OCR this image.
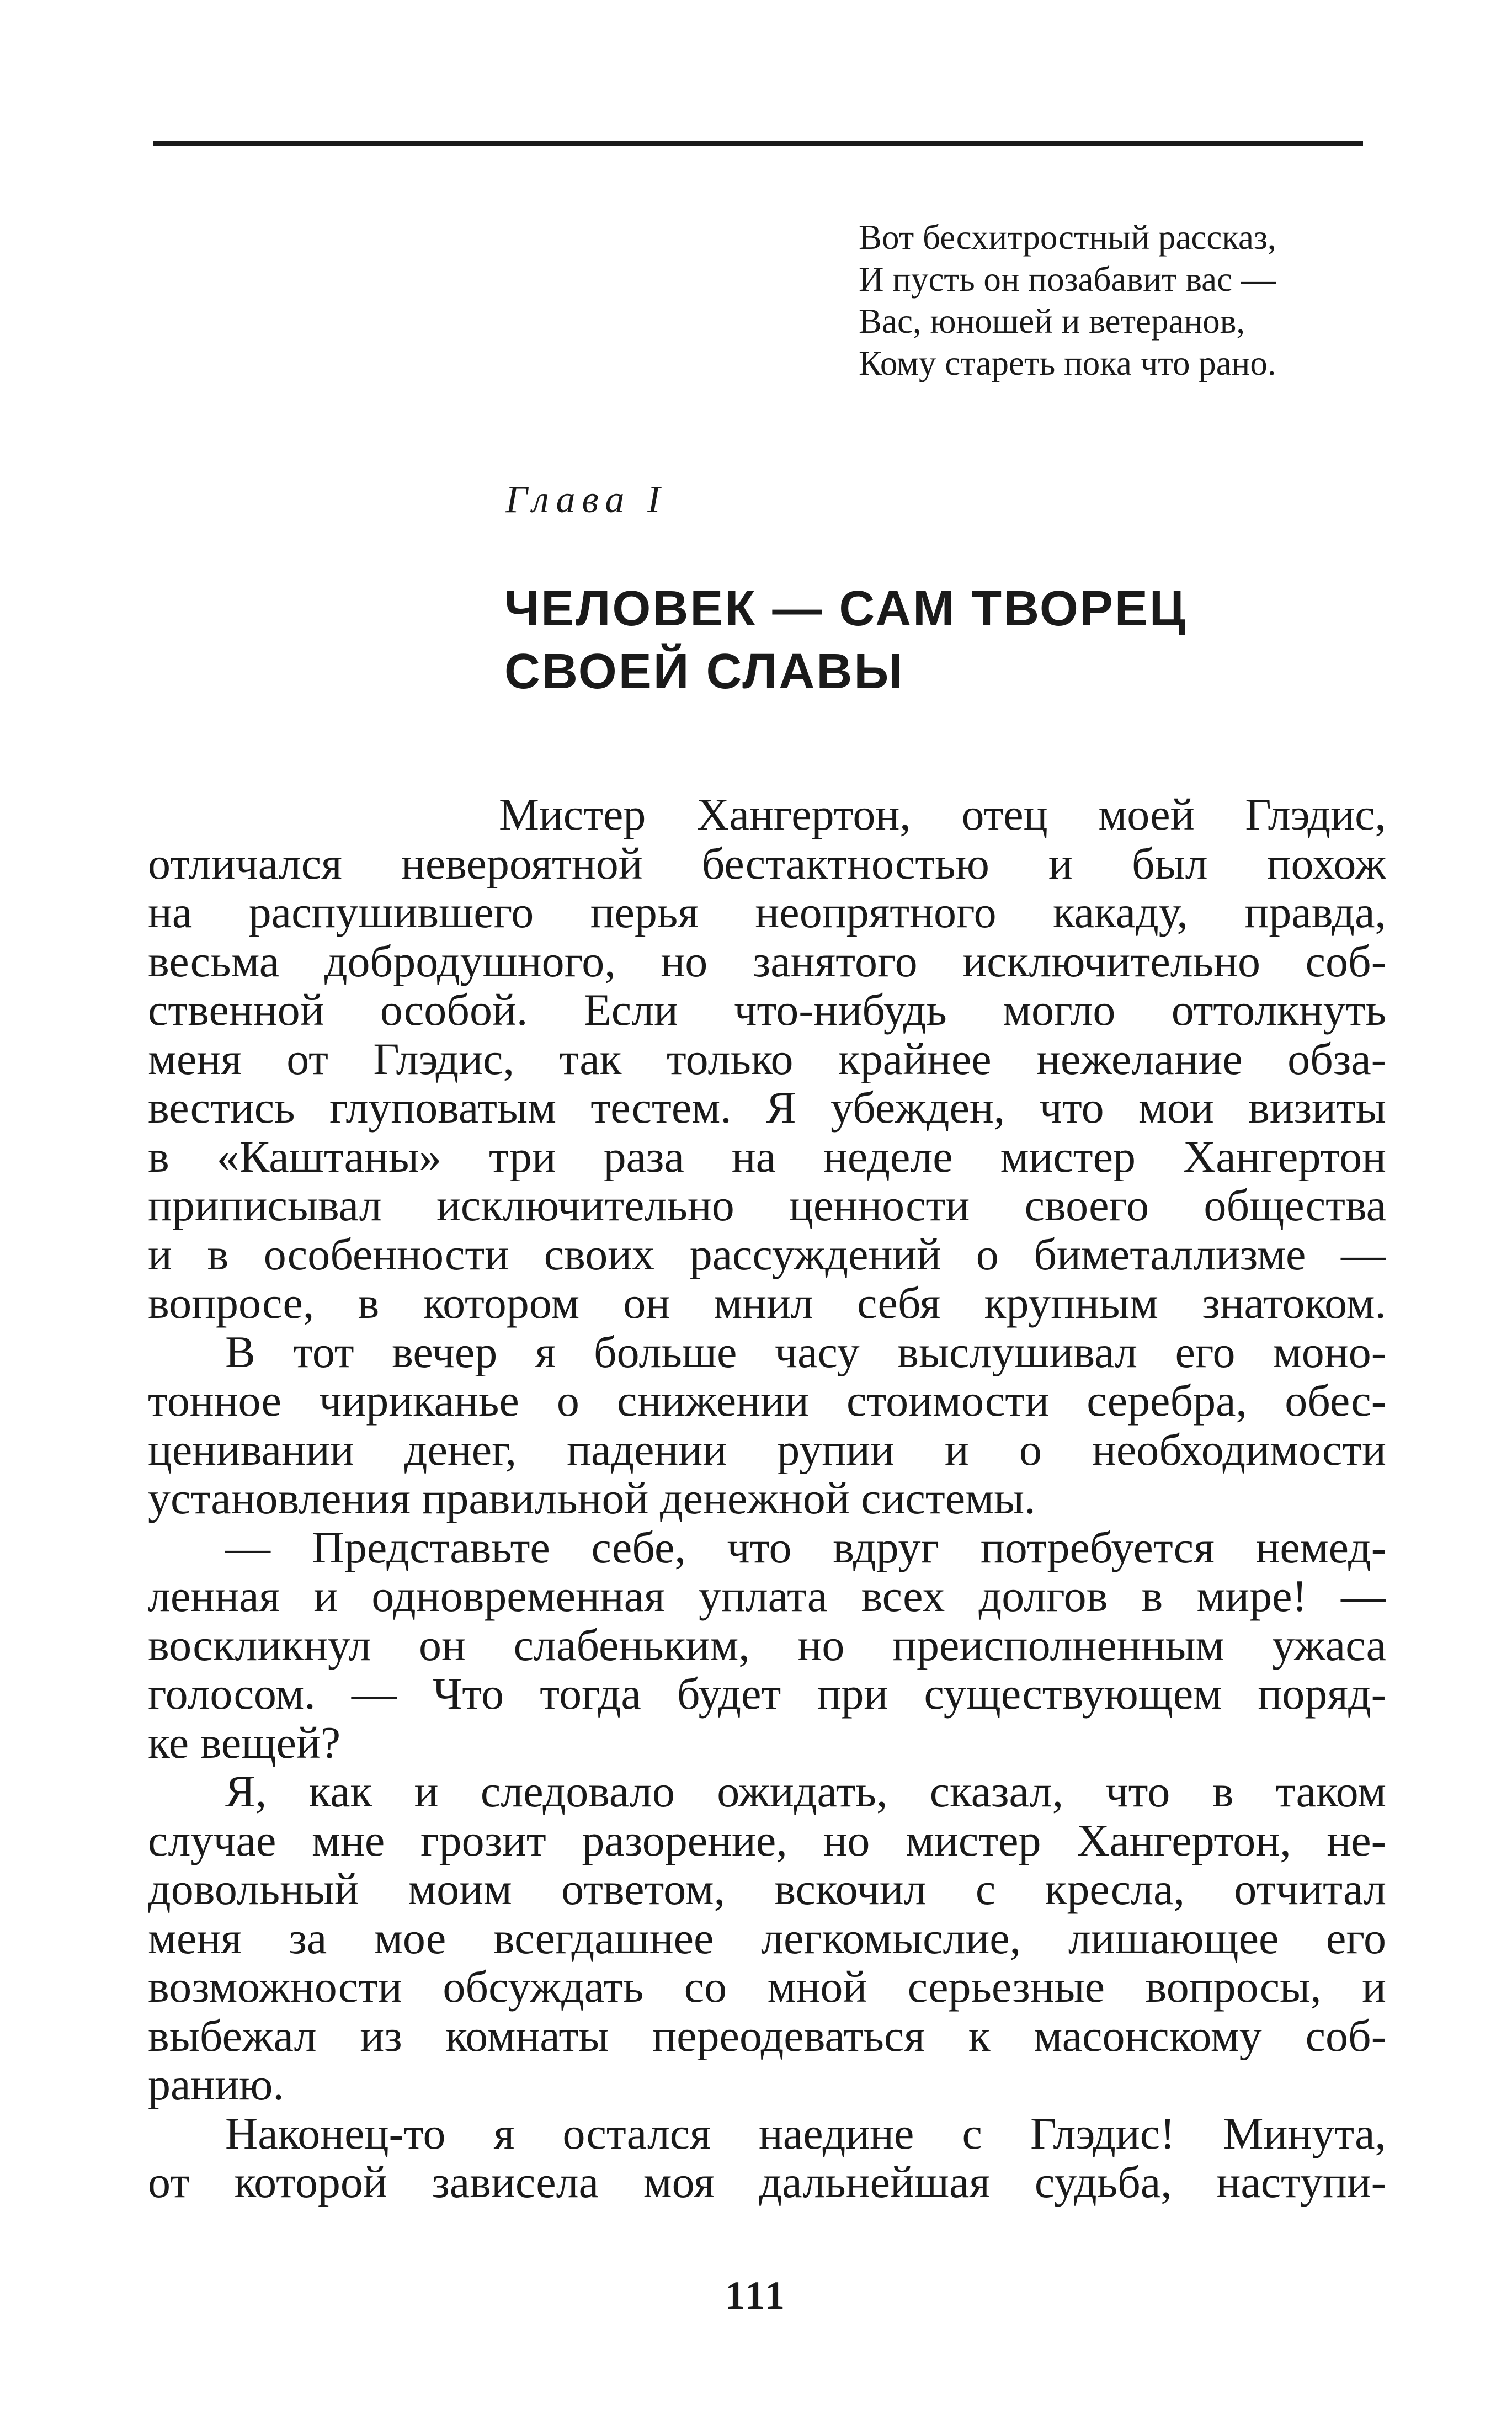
Вот бесхитростный рассказ,
И пусть он позабавит вас —
Вас, юношей и ветеранов,
Кому стареть пока что рано.
Глава I
ЧЕЛОВЕК — САМ ТВОРЕЦ
СВОЕЙ СЛАВЫ
Мистер Хангертон, отец моей Глэдис,
отличался невероятной бестактностью и был похож
на распушившего перья неопрятного какаду, правда,
весьма добродушного, но занятого исключительно соб-
ственной особой. Если что-нибудь могло оттолкнуть
меня от Глэдис, так только крайнее нежелание обза-
вестись глуповатым тестем. Я убежден, что мои визиты
в «Каштаны» три раза на неделе мистер Хангертон
приписывал исключительно ценности своего общества
и в особенности своих рассуждений о биметаллизме —
вопросе, в котором он мнил себя крупным знатоком.
В тот вечер я больше часу выслушивал его моно-
тонное чириканье о снижении стоимости серебра, обес-
ценивании денег, падении рупии и о необходимости
установления правильной денежной системы.
— Представьте себе, что вдруг потребуется немед-
ленная и одновременная уплата всех долгов в мире! —
воскликнул он слабеньким, но преисполненным ужаса
голосом. — Что тогда будет при существующем поряд-
ке вещей?
Я, как и следовало ожидать, сказал, что в таком
случае мне грозит разорение, но мистер Хангертон, не-
довольный моим ответом, вскочил с кресла, отчитал
меня за мое всегдашнее легкомыслие, лишающее его
возможности обсуждать со мной серьезные вопросы, и
выбежал из комнаты переодеваться к масонскому соб-
ранию.
Наконец-то я остался наедине с Глэдис! Минута,
от которой зависела моя дальнейшая судьба, наступи-
111
